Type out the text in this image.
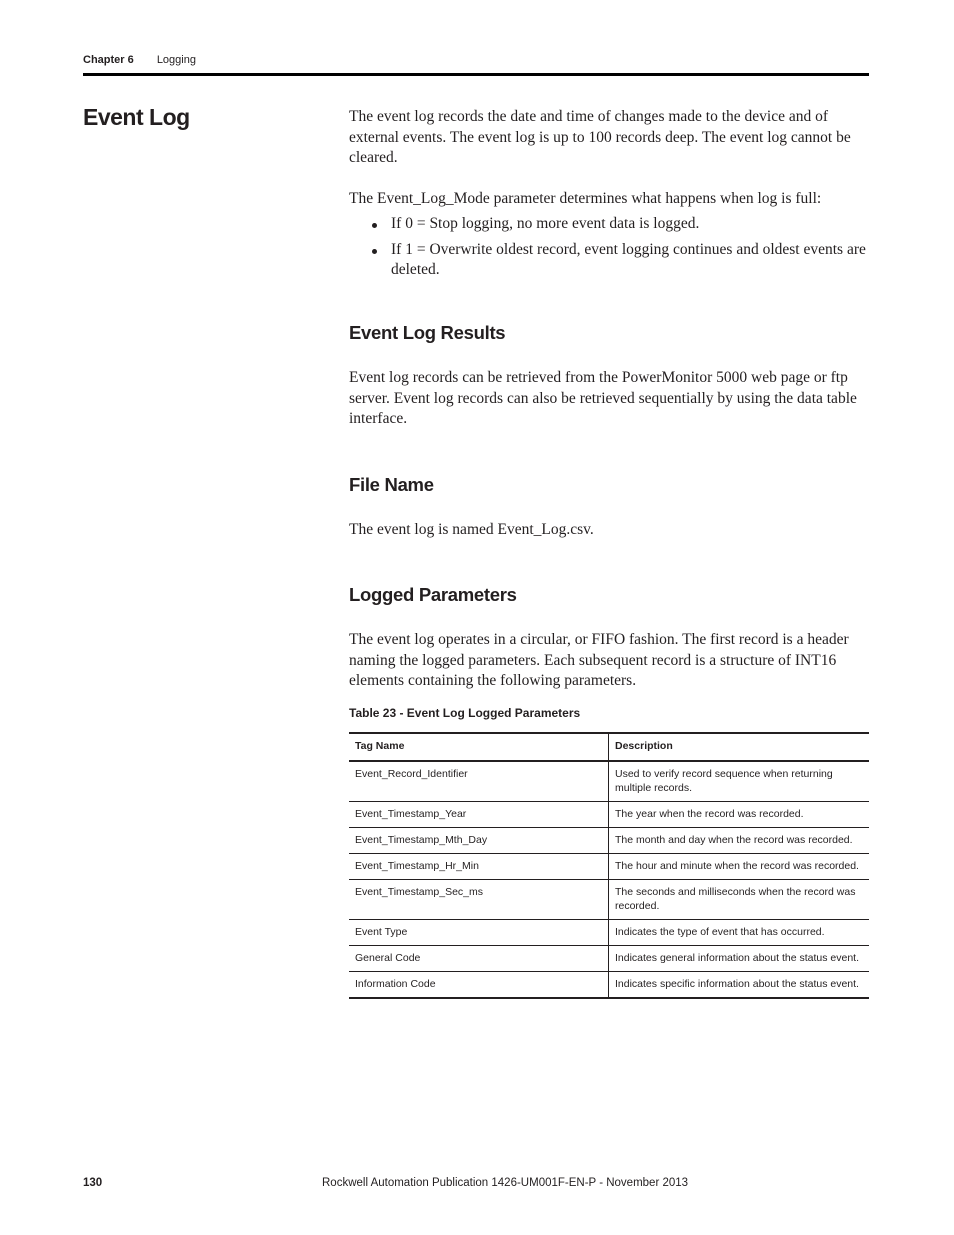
Chapter 6 Logging
Event Log	The event log records the date and time of changes made to the device and of external events. The event log is up to 100 records deep. The event log cannot be cleared.

The Event_Log_Mode parameter determines what happens when log is full:

If 0 = Stop logging, no more event data is logged.
If 1 = Overwrite oldest record, event logging continues and oldest events are deleted.
Event Log Results

Event log records can be retrieved from the PowerMonitor 5000 web page or ftp server. Event log records can also be retrieved sequentially by using the data table interface.

File Name

The event log is named Event_Log.csv.

Logged Parameters

The event log operates in a circular, or FIFO fashion. The first record is a header naming the logged parameters. Each subsequent record is a structure of INT16 elements containing the following parameters.

Table 23 - Event Log Logged Parameters
Tag Name	Description
Event_Record_Identifier	Used to verify record sequence when returning multiple records.
Event_Timestamp_Year	The year when the record was recorded.
Event_Timestamp_Mth_Day	The month and day when the record was recorded.
Event_Timestamp_Hr_Min	The hour and minute when the record was recorded.
Event_Timestamp_Sec_ms	The seconds and milliseconds when the record was recorded.
Event Type	Indicates the type of event that has occurred.
General Code	Indicates general information about the status event.
Information Code	Indicates specific information about the status event.
130	Rockwell Automation Publication 1426-UM001F-EN-P - November 2013
